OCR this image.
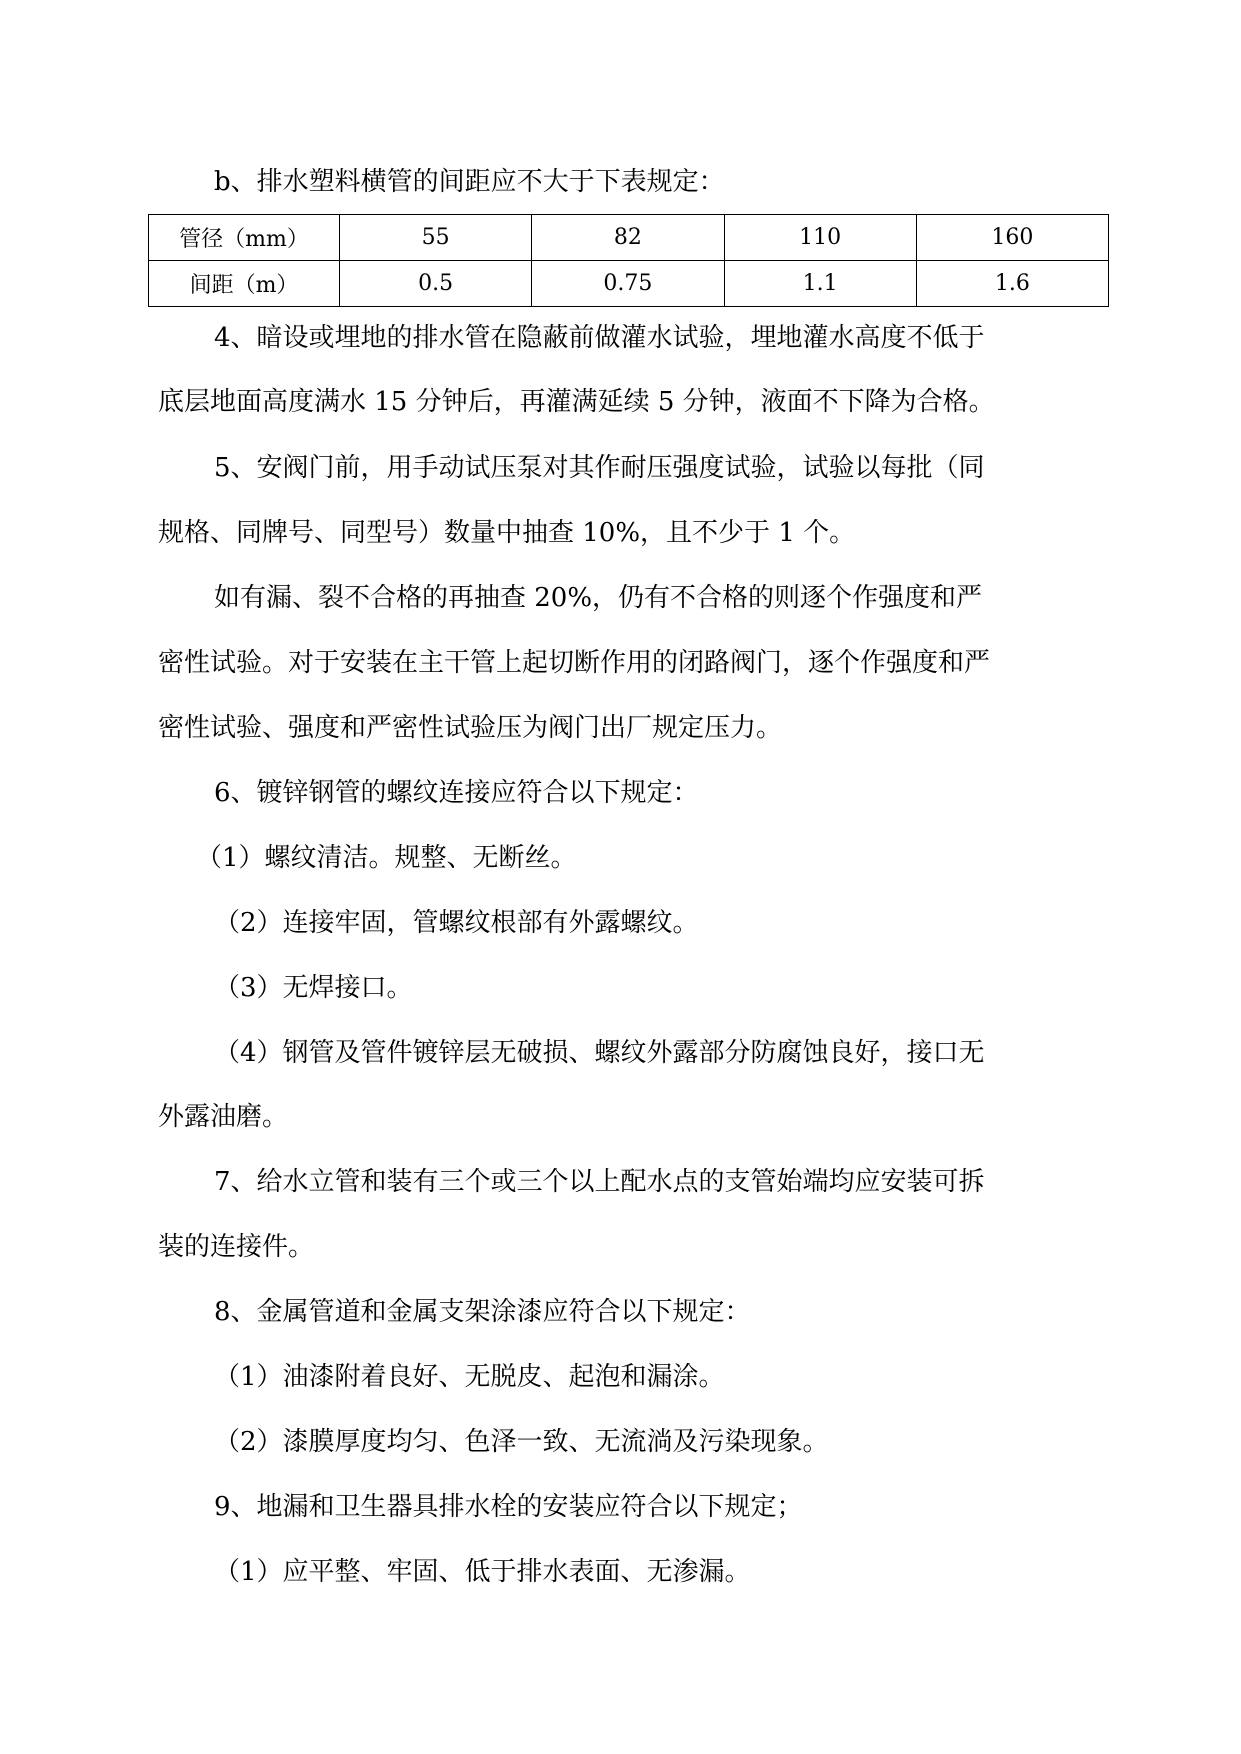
b、排水塑料横管的间距应不大于下表规定：
管径（mm）	55	82	110	160
间距（m）	0.5	0.75	1.1	1.6
4、暗设或埋地的排水管在隐蔽前做灌水试验，埋地灌水高度不低于
底层地面高度满水 15 分钟后，再灌满延续 5 分钟，液面不下降为合格。
5、安阀门前，用手动试压泵对其作耐压强度试验，试验以每批（同
规格、同牌号、同型号）数量中抽查 10%，且不少于 1 个。
如有漏、裂不合格的再抽查 20%，仍有不合格的则逐个作强度和严
密性试验。对于安装在主干管上起切断作用的闭路阀门，逐个作强度和严
密性试验、强度和严密性试验压为阀门出厂规定压力。
6、镀锌钢管的螺纹连接应符合以下规定：
（1）螺纹清洁。规整、无断丝。
（2）连接牢固，管螺纹根部有外露螺纹。
（3）无焊接口。
（4）钢管及管件镀锌层无破损、螺纹外露部分防腐蚀良好，接口无
外露油磨。
7、给水立管和装有三个或三个以上配水点的支管始端均应安装可拆
装的连接件。
8、金属管道和金属支架涂漆应符合以下规定：
（1）油漆附着良好、无脱皮、起泡和漏涂。
（2）漆膜厚度均匀、色泽一致、无流淌及污染现象。
9、地漏和卫生器具排水栓的安装应符合以下规定；
（1）应平整、牢固、低于排水表面、无渗漏。
